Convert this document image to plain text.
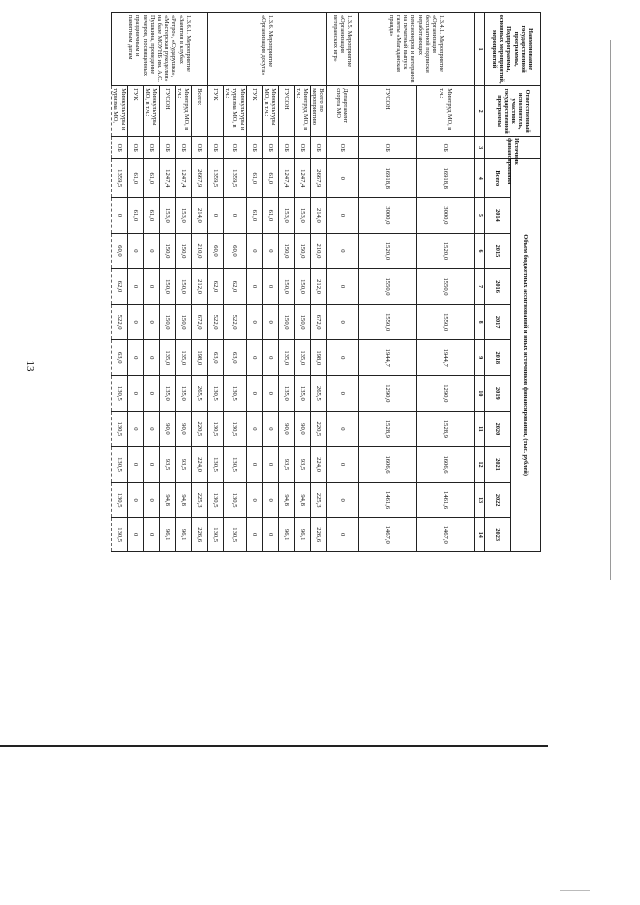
13
Наименование государственной программы, Подпрограммы, основных мероприятий, мероприятий	Ответственный исполнитель, участник государственной программы	Источник финансирования	Объем бюджетных ассигнований и иных источников финансирования, (тыс. рублей)										
			Всего	2014	2015	2016	2017	2018	2019	2020	2021	2022	2023
1	2	3	4	5	6	7	8	9	10	11	12	13	14
1.3.4.1. Мероприятие «Организация бесплатной подписки неработающих пенсионеров и ветеранов на печатный выпуск газеты «Магаданская правда»	Минтруд МО, в т.ч.:	ОБ	16918,8	3000,0	1520,0	1550,0	1550,0	1944,7	1290,0	1528,9	1606,6	1461,6	1467,0
	ГУСОН	ОБ	16918,8	3000,0	1520,0	1550,0	1550,0	1944,7	1290,0	1528,9	1606,6	1461,6	1467,0
1.3.5. Мероприятие «Организация ветеранских игр»	Департамент спорта МО	ОБ	0	0	0	0	0	0	0	0	0	0	0
1.3.6. Мероприятие «Организация досуга»	Всего по мероприятию	ОБ	2667,9	214,0	210,0	212,0	672,0	198,0	265,5	220,5	224,0	225,3	226,6
	Минтруд МО, в т.ч.:	ОБ	1247,4	153,0	150,0	150,0	150,0	135,0	135,0	90,0	93,5	94,8	96,1
	ГУСОН	ОБ	1247,4	153,0	150,0	150,0	150,0	135,0	135,0	90,0	93,5	94,8	96,1
	Минкультуры МО, в т.ч.:	ОБ	61,0	61,0	0	0	0	0	0	0	0	0	0
	ГУК	ОБ	61,0	61,0	0	0	0	0	0	0	0	0	0
	Минкультуры и туризма МО, в т.ч.:	ОБ	1359,5	0	60,0	62,0	522,0	63,0	130,5	130,5	130,5	130,5	130,5
	ГУК	ОБ	1359,5	0	60,0	62,0	522,0	63,0	130,5	130,5	130,5	130,5	130,5
1.3.6.1. Мероприятие «Занятия в клубах «Ретро», «Сударушка», «Мастерская рукоделия» на базе МОУНБ им. А.С. Пушкина, проведение вечеров, посвященных праздничным и памятным датам	Всего:	ОБ	2667,9	214,0	210,0	212,0	672,0	198,0	265,5	220,5	224,0	225,3	226,6
	Минтруд МО, в т.ч.:	ОБ	1247,4	153,0	150,0	150,0	150,0	135,0	135,0	90,0	93,5	94,8	96,1
	ГУСОН	ОБ	1247,4	153,0	150,0	150,0	150,0	135,0	135,0	90,0	93,5	94,8	96,1
	Минкультуры МО, в т.ч.:	ОБ	61,0	61,0	0	0	0	0	0	0	0	0	0
	ГУК	ОБ	61,0	61,0	0	0	0	0	0	0	0	0	0
	Минкультуры и туризма МО,	ОБ	1359,5	0	60,0	62,0	522,0	63,0	130,5	130,5	130,5	130,5	130,5
